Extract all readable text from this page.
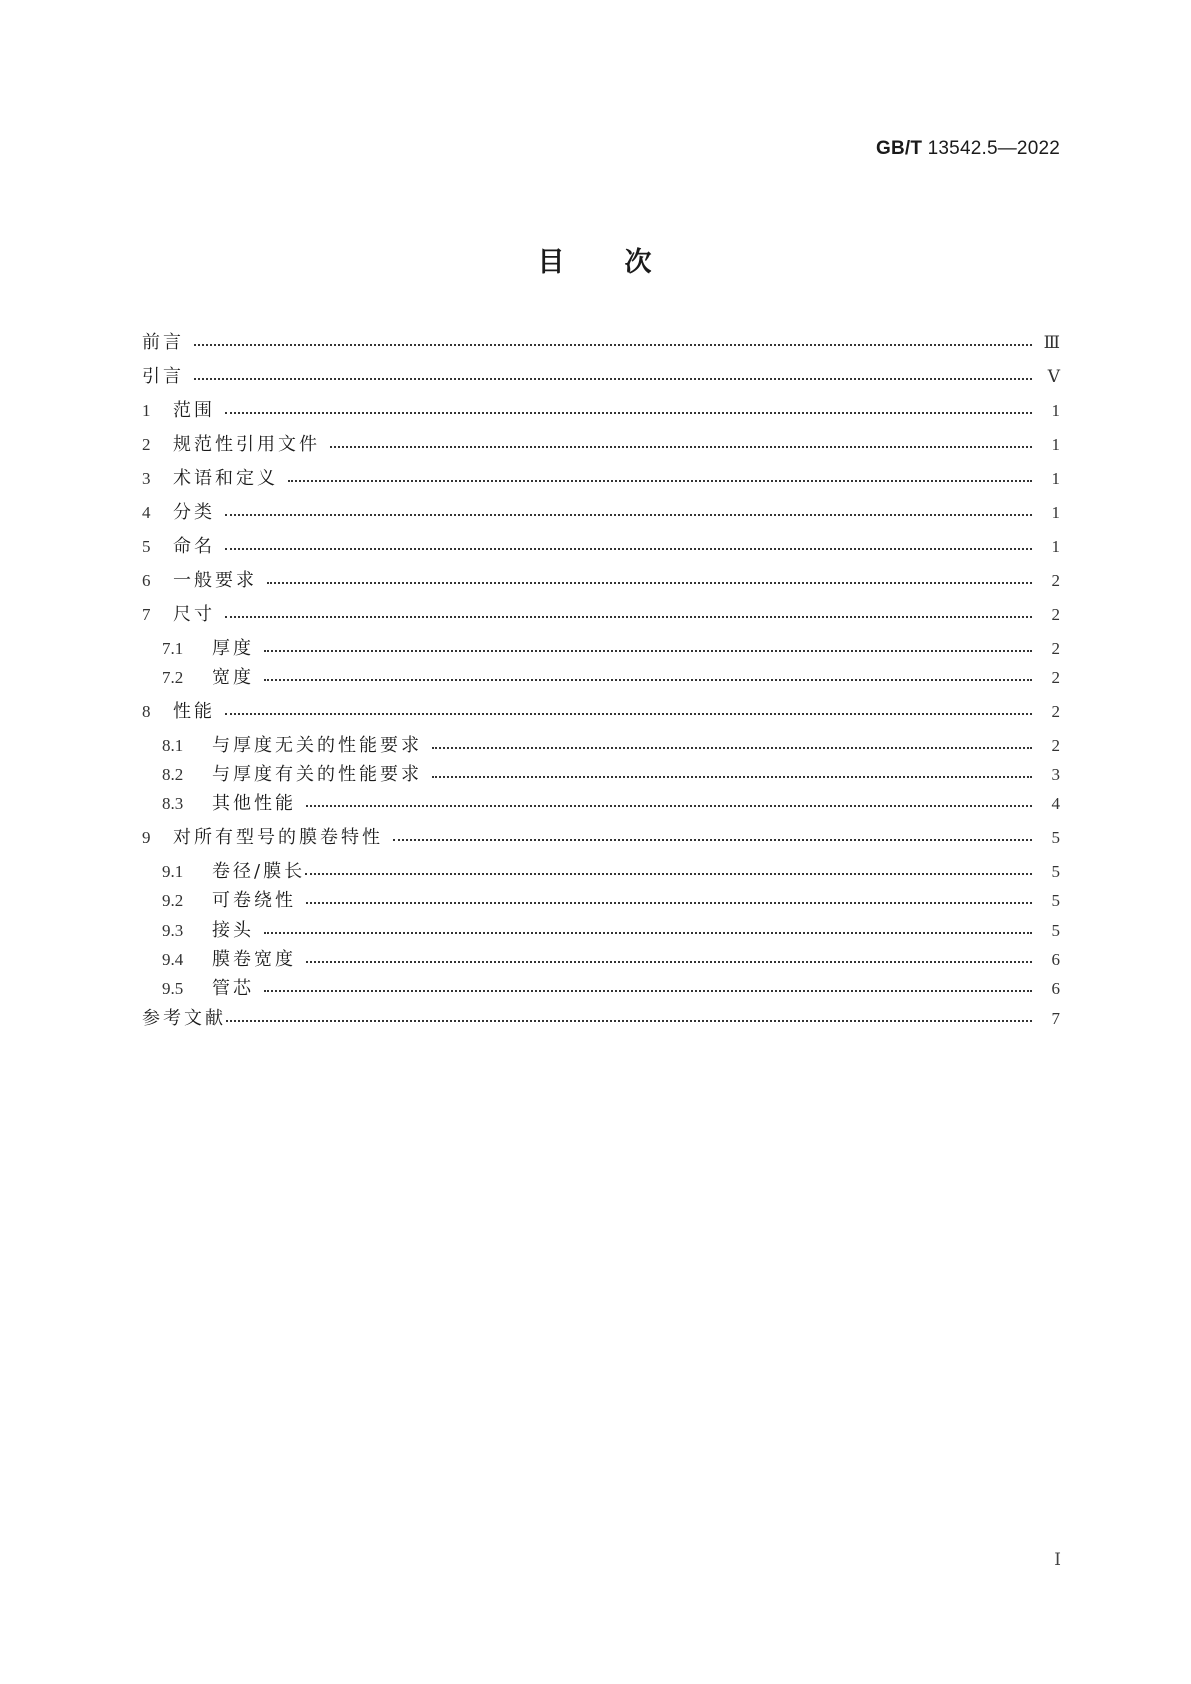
GB/T 13542.5—2022
目 次
前言	Ⅲ
引言	Ⅴ
1	范围	1
2	规范性引用文件	1
3	术语和定义	1
4	分类	1
5	命名	1
6	一般要求	2
7	尺寸	2
7.1	厚度	2
7.2	宽度	2
8	性能	2
8.1	与厚度无关的性能要求	2
8.2	与厚度有关的性能要求	3
8.3	其他性能	4
9	对所有型号的膜卷特性	5
9.1	卷径/膜长	5
9.2	可卷绕性	5
9.3	接头	5
9.4	膜卷宽度	6
9.5	管芯	6
参考文献	7
Ⅰ
